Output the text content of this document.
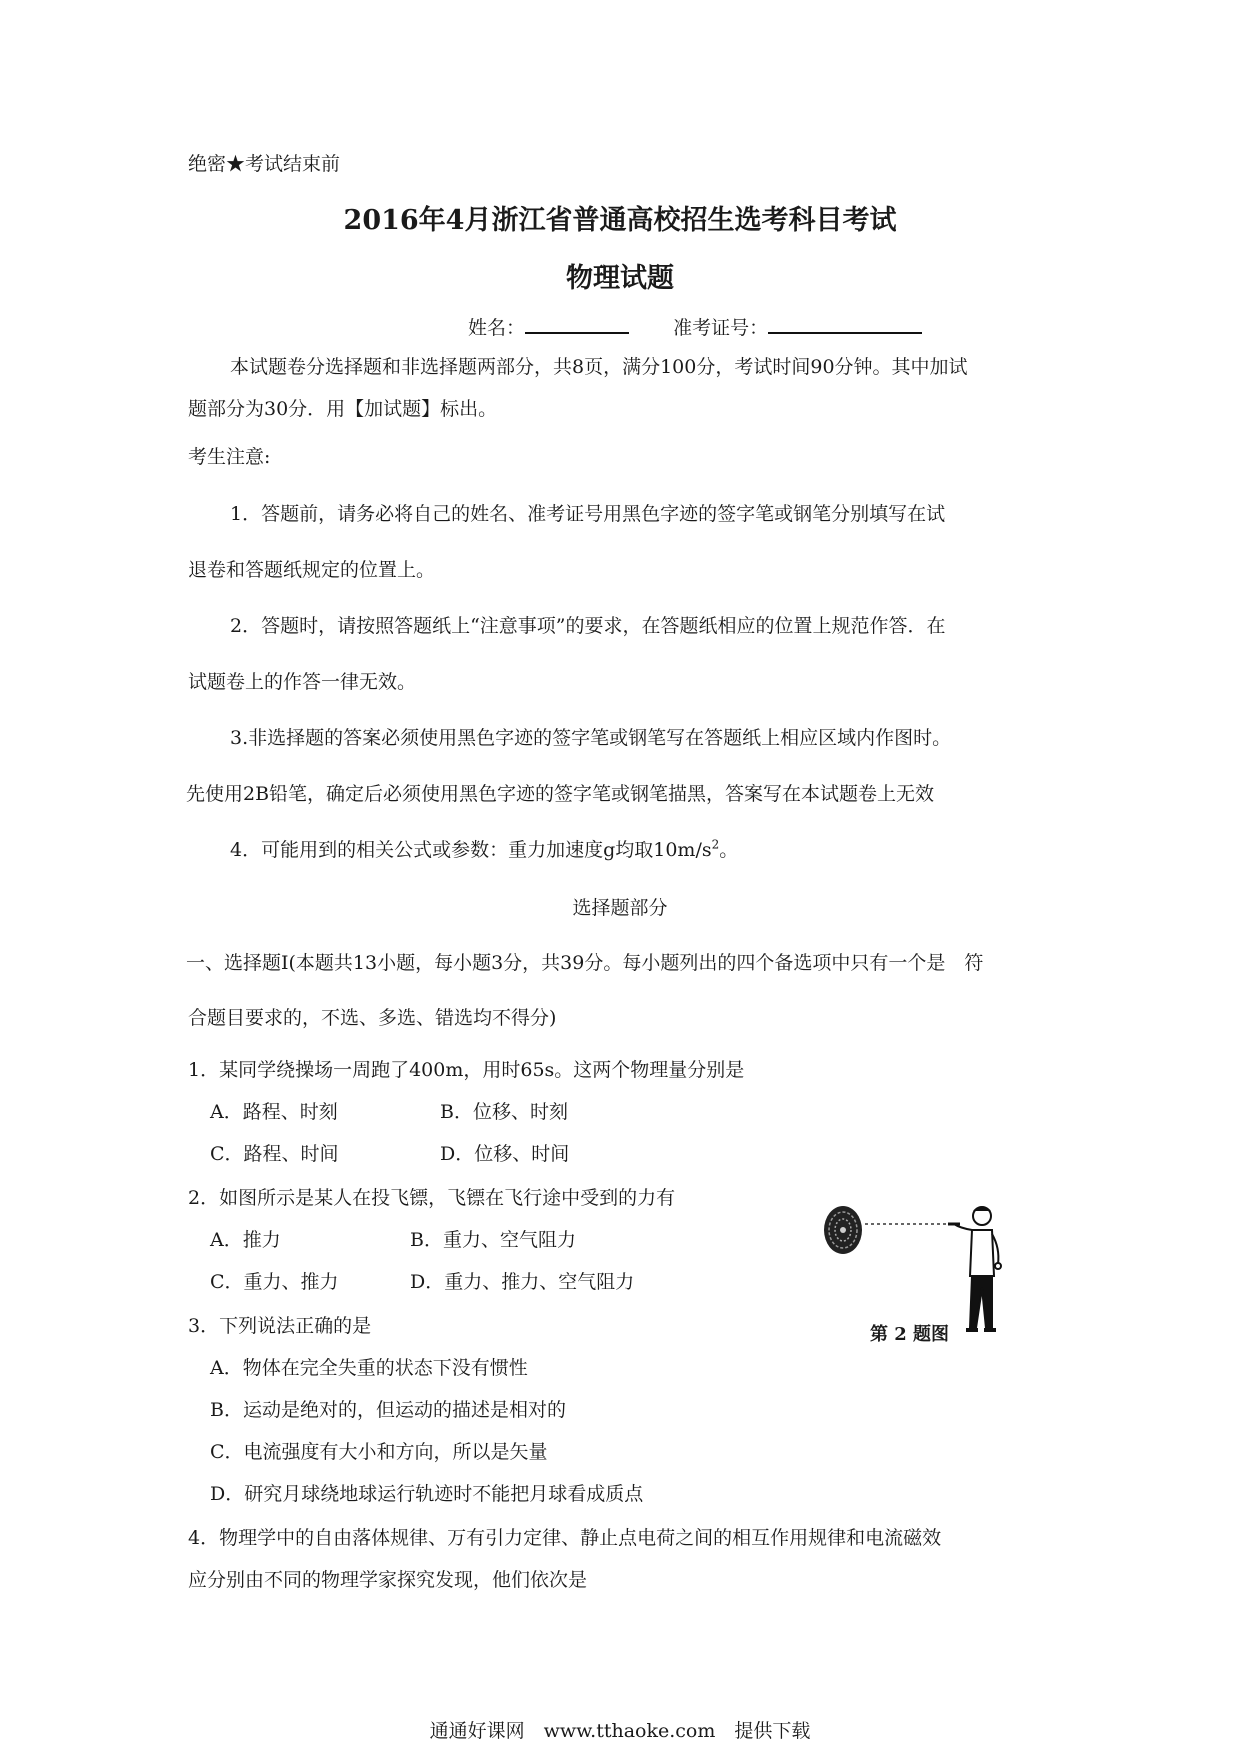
绝密★考试结束前
2016年4月浙江省普通高校招生选考科目考试
物理试题
姓名：	准考证号：
本试题卷分选择题和非选择题两部分，共8页，满分100分，考试时间90分钟。其中加试
题部分为30分．用【加试题】标出。
考生注意:
1．答题前，请务必将自己的姓名、准考证号用黑色字迹的签字笔或钢笔分别填写在试
退卷和答题纸规定的位置上。
2．答题时，请按照答题纸上“注意事项”的要求，在答题纸相应的位置上规范作答．在
试题卷上的作答一律无效。
3.非选择题的答案必须使用黑色字迹的签字笔或钢笔写在答题纸上相应区域内作图时。
先使用2B铅笔，确定后必须使用黑色字迹的签字笔或钢笔描黑，答案写在本试题卷上无效
4．可能用到的相关公式或参数：重力加速度g均取$10m/s^2$。
选择题部分
一、选择题I(本题共13小题，每小题3分，共39分。每小题列出的四个备选项中只有一个是　符
合题目要求的，不选、多选、错选均不得分)
1．某同学绕操场一周跑了400m，用时65s。这两个物理量分别是
A．路程、时刻	B．位移、时刻
C．路程、时间	D．位移、时间
2．如图所示是某人在投飞镖，飞镖在飞行途中受到的力有
A．推力	B．重力、空气阻力
C．重力、推力	D．重力、推力、空气阻力
第 2 题图
3．下列说法正确的是
A．物体在完全失重的状态下没有惯性
B．运动是绝对的，但运动的描述是相对的
C．电流强度有大小和方向，所以是矢量
D．研究月球绕地球运行轨迹时不能把月球看成质点
4．物理学中的自由落体规律、万有引力定律、静止点电荷之间的相互作用规律和电流磁效
应分别由不同的物理学家探究发现，他们依次是
通通好课网　www.tthaoke.com　提供下载
